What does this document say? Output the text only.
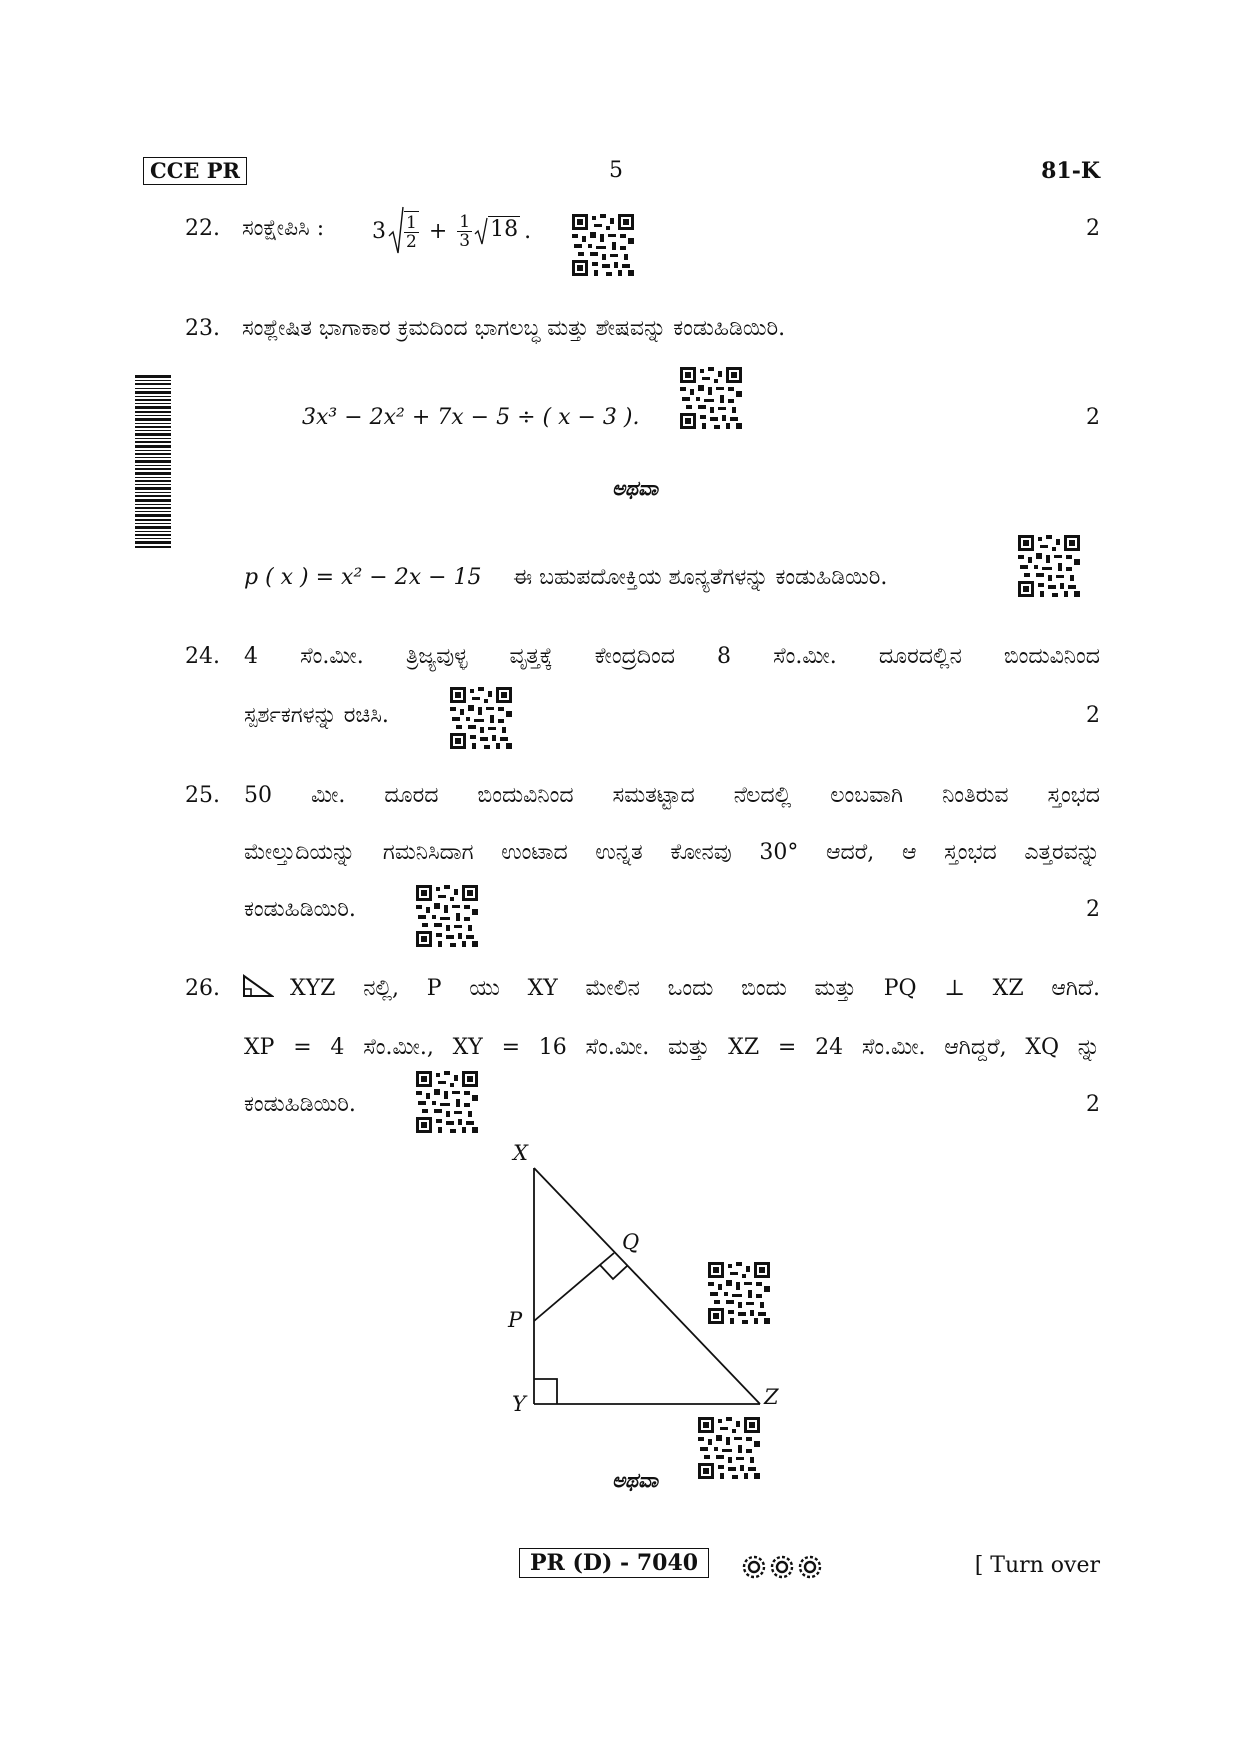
CCE PR	5	81-K
22. ಸಂಕ್ಷೇಪಿಸಿ : $3 \frac{1}{2} + \frac{1}{3} 18$ .	2
23. ಸಂಶ್ಲೇಷಿತ ಭಾಗಾಕಾರ ಕ್ರಮದಿಂದ ಭಾಗಲಬ್ಧ ಮತ್ತು ಶೇಷವನ್ನು ಕಂಡುಹಿಡಿಯಿರಿ.
3x³ − 2x² + 7x − 5 ÷ ( x − 3 ).	2
ಅಥವಾ
p ( x ) = x² − 2x − 15 ಈ ಬಹುಪದೋಕ್ತಿಯ ಶೂನ್ಯತೆಗಳನ್ನು ಕಂಡುಹಿಡಿಯಿರಿ.
24. 4 ಸೆಂ.ಮೀ. ತ್ರಿಜ್ಯವುಳ್ಳ ವೃತ್ತಕ್ಕೆ ಕೇಂದ್ರದಿಂದ 8 ಸೆಂ.ಮೀ. ದೂರದಲ್ಲಿನ ಬಿಂದುವಿನಿಂದ
ಸ್ಪರ್ಶಕಗಳನ್ನು ರಚಿಸಿ.	2
25. 50 ಮೀ. ದೂರದ ಬಿಂದುವಿನಿಂದ ಸಮತಟ್ಟಾದ ನೆಲದಲ್ಲಿ ಲಂಬವಾಗಿ ನಿಂತಿರುವ ಸ್ತಂಭದ
ಮೇಲ್ತುದಿಯನ್ನು ಗಮನಿಸಿದಾಗ ಉಂಟಾದ ಉನ್ನತ ಕೋನವು 30° ಆದರೆ, ಆ ಸ್ತಂಭದ ಎತ್ತರವನ್ನು
ಕಂಡುಹಿಡಿಯಿರಿ.	2
26.	XYZ ನಲ್ಲಿ, P ಯು XY ಮೇಲಿನ ಒಂದು ಬಿಂದು ಮತ್ತು PQ ⊥ XZ ಆಗಿದೆ.
XP = 4 ಸೆಂ.ಮೀ., XY = 16 ಸೆಂ.ಮೀ. ಮತ್ತು XZ = 24 ಸೆಂ.ಮೀ. ಆಗಿದ್ದರೆ, XQ ನ್ನು
ಕಂಡುಹಿಡಿಯಿರಿ.	2
X
Q
P
Y	Z
ಅಥವಾ
PR (D) - 7040	[ Turn over
